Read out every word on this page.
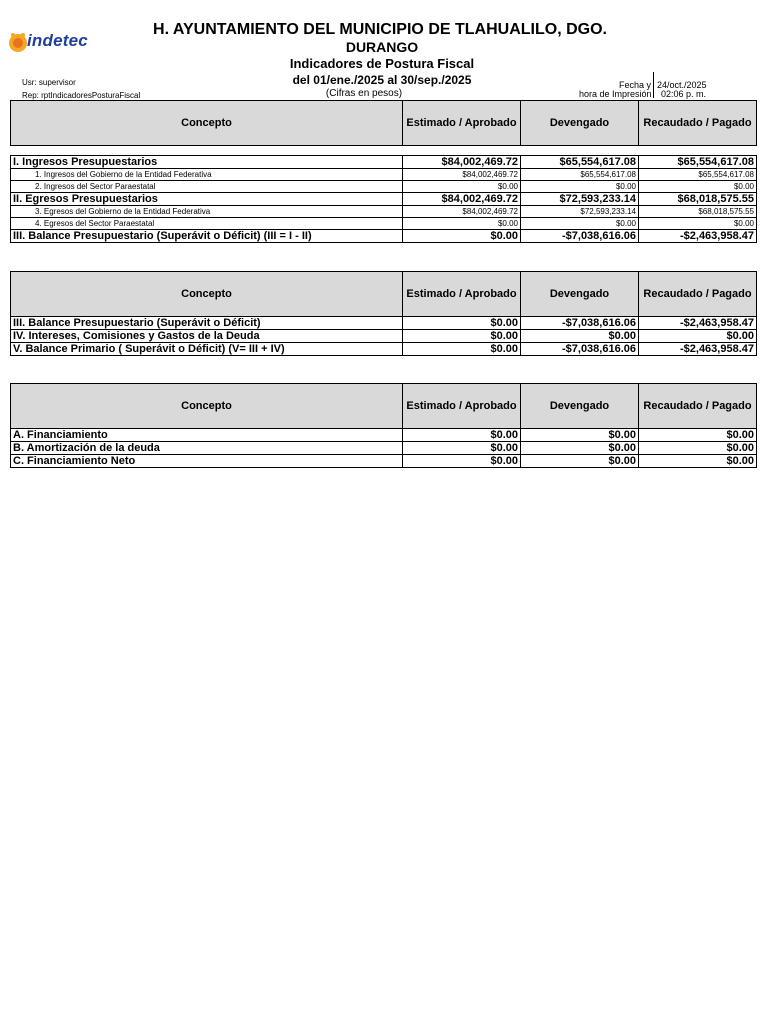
indetec
H. AYUNTAMIENTO DEL MUNICIPIO DE TLAHUALILO, DGO.
DURANGO
Indicadores de Postura Fiscal
del 01/ene./2025 al 30/sep./2025
(Cifras en pesos)
Usr: supervisor
Rep: rptIndicadoresPosturaFiscal
Fecha y
hora de Impresión
24/oct./2025
02:06 p. m.
Concepto	Estimado / Aprobado	Devengado	Recaudado / Pagado

I. Ingresos Presupuestarios	$84,002,469.72	$65,554,617.08	$65,554,617.08
1. Ingresos del Gobierno de la Entidad Federativa	$84,002,469.72	$65,554,617.08	$65,554,617.08
2. Ingresos del Sector Paraestatal	$0.00	$0.00	$0.00
II. Egresos Presupuestarios	$84,002,469.72	$72,593,233.14	$68,018,575.55
3. Egresos del Gobierno de la Entidad Federativa	$84,002,469.72	$72,593,233.14	$68,018,575.55
4. Egresos del Sector Paraestatal	$0.00	$0.00	$0.00
III. Balance Presupuestario (Superávit o Déficit) (III = I - II)	$0.00	-$7,038,616.06	-$2,463,958.47
Concepto	Estimado / Aprobado	Devengado	Recaudado / Pagado
III. Balance Presupuestario (Superávit o Déficit)	$0.00	-$7,038,616.06	-$2,463,958.47
IV. Intereses, Comisiones y Gastos de la Deuda	$0.00	$0.00	$0.00
V. Balance Primario ( Superávit o Déficit) (V= III + IV)	$0.00	-$7,038,616.06	-$2,463,958.47
Concepto	Estimado / Aprobado	Devengado	Recaudado / Pagado
A. Financiamiento	$0.00	$0.00	$0.00
B. Amortización de la deuda	$0.00	$0.00	$0.00
C. Financiamiento Neto	$0.00	$0.00	$0.00
